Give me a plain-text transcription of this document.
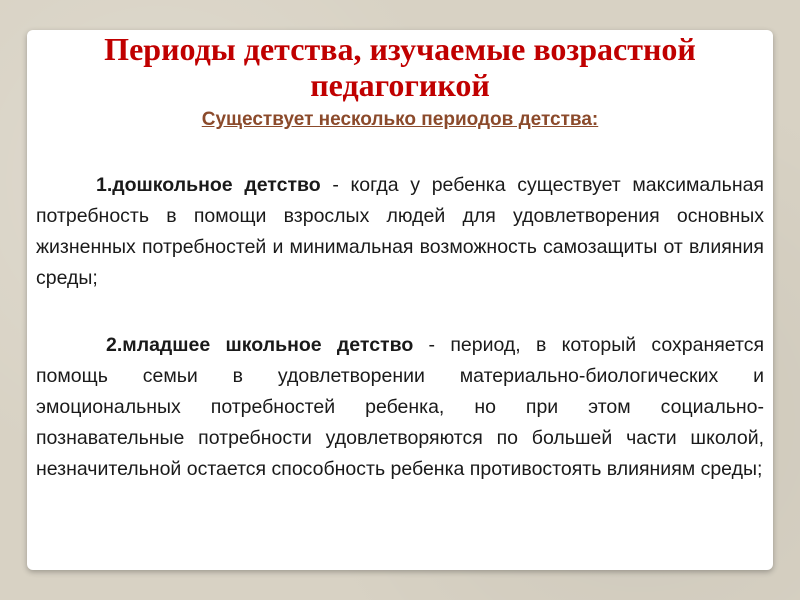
Периоды детства, изучаемые возрастной педагогикой

Существует несколько периодов детства:

1.дошкольное детство - когда у ребенка существует максимальная потребность в помощи взрослых людей для удовлетворения основных жизненных потребностей и минимальная возможность самозащиты от влияния среды;

2.младшее школьное детство - период, в который сохраняется помощь семьи в удовлетворении материально-биологических и эмоциональных потребностей ребенка, но при этом социально-познавательные потребности удовлетворяются по большей части школой, незначительной остается способность ребенка противостоять влияниям среды;
